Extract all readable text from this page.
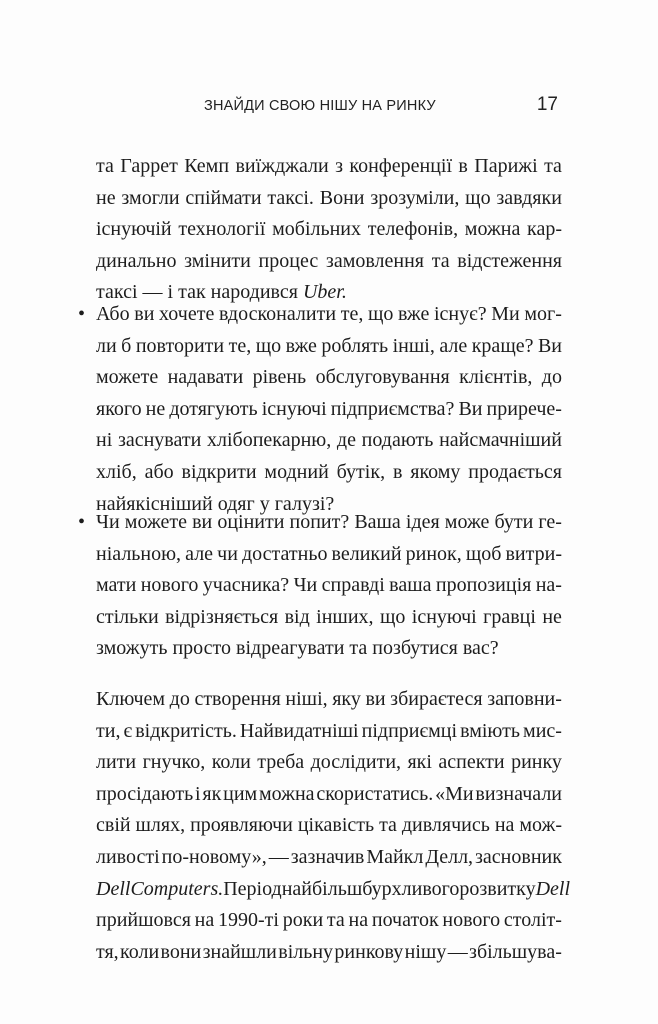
ЗНАЙДИ СВОЮ НІШУ НА РИНКУ	17
та Гаррет Кемп виїжджали з конференції в Парижі та
не змогли спіймати таксі. Вони зрозуміли, що завдяки
існуючій технології мобільних телефонів, можна кар-
динально змінити процес замовлення та відстеження
таксі — і так народився Uber.
• Або ви хочете вдосконалити те, що вже існує? Ми мог-
ли б повторити те, що вже роблять інші, але краще? Ви
можете надавати рівень обслуговування клієнтів, до
якого не дотягують існуючі підприємства? Ви прирече-
ні заснувати хлібопекарню, де подають найсмачніший
хліб, або відкрити модний бутік, в якому продається
найякісніший одяг у галузі?
• Чи можете ви оцінити попит? Ваша ідея може бути ге-
ніальною, але чи достатньо великий ринок, щоб витри-
мати нового учасника? Чи справді ваша пропозиція на-
стільки відрізняється від інших, що існуючі гравці не
зможуть просто відреагувати та позбутися вас?
Ключем до створення ніші, яку ви збираєтеся заповни-
ти, є відкритість. Найвидатніші підприємці вміють мис-
лити гнучко, коли треба дослідити, які аспекти ринку
просідають і як цим можна скористатись. «Ми визначали
свій шлях, проявляючи цікавість та дивлячись на мож-
ливості по-новому», — зазначив Майкл Делл, засновник
Dell Computers. Період найбільш бурхливого розвитку Dell
прийшовся на 1990-ті роки та на початок нового століт-
тя, коли вони знайшли вільну ринкову нішу — збільшува-
